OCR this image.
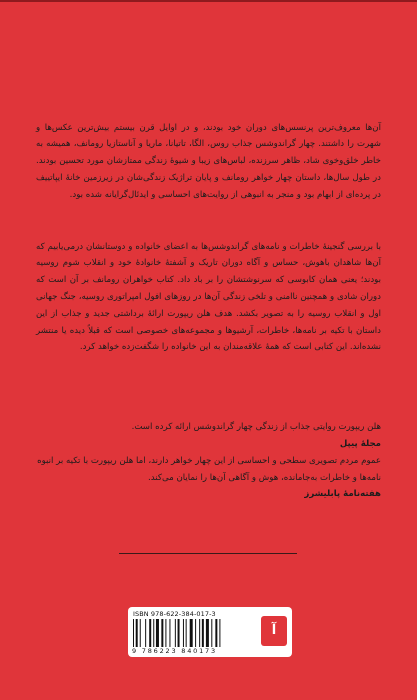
آن‌ها معروف‌ترین پرنسس‌های دوران خود بودند، و در اوایل قرن بیستم بیش‌ترین عکس‌ها و شهرت را داشتند. چهار گراندوشس جذاب روس، الگا، تاتیانا، ماریا و آناستازیا رومانف، همیشه به خاطر خلق‌وخوی شاد، ظاهر سرزنده، لباس‌های زیبا و شیوهٔ زندگی ممتازشان مورد تحسین بودند. در طول سال‌ها، داستان چهار خواهر رومانف و پایان تراژیک زندگی‌شان در زیرزمین خانهٔ ایپاتییف در پرده‌ای از ابهام بود و منجر به انبوهی از روایت‌های احساسی و ایدئال‌گرایانه شده بود.

با بررسی گنجینهٔ خاطرات و نامه‌های گراندوشس‌ها به اعضای خانواده و دوستانشان درمی‌یابیم که آن‌ها شاهدان باهوش، حساس و آگاه دوران تاریک و آشفتهٔ خانوادهٔ خود و انقلاب شوم روسیه بودند؛ یعنی همان کابوسی که سرنوشتشان را بر باد داد. کتاب خواهران رومانف بر آن است که دوران شادی و همچنین ناامنی و تلخی زندگی آن‌ها در روزهای افول امپراتوری روسیه، جنگ جهانی اول و انقلاب روسیه را به تصویر بکشد. هدف هلن ریپورت ارائهٔ برداشتی جدید و جذاب از این داستان با تکیه بر نامه‌ها، خاطرات، آرشیوها و مجموعه‌های خصوصی است که قبلاً دیده یا منتشر نشده‌اند. این کتابی است که همهٔ علاقه‌مندان به این خانواده را شگفت‌زده خواهد کرد.

هلن ریپورت روایتی جذاب از زندگی چهار گراندوشس ارائه کرده است.
مجلهٔ پیپل
عموم مردم تصویری سطحی و احساسی از این چهار خواهر دارند، اما هلن ریپورت با تکیه بر انبوه نامه‌ها و خاطرات به‌جامانده، هوش و آگاهی آن‌ها را نمایان می‌کند.
هفته‌نامهٔ پابلیشرز
ISBN 978-622-384-017-3
9 786223 840173
آ
